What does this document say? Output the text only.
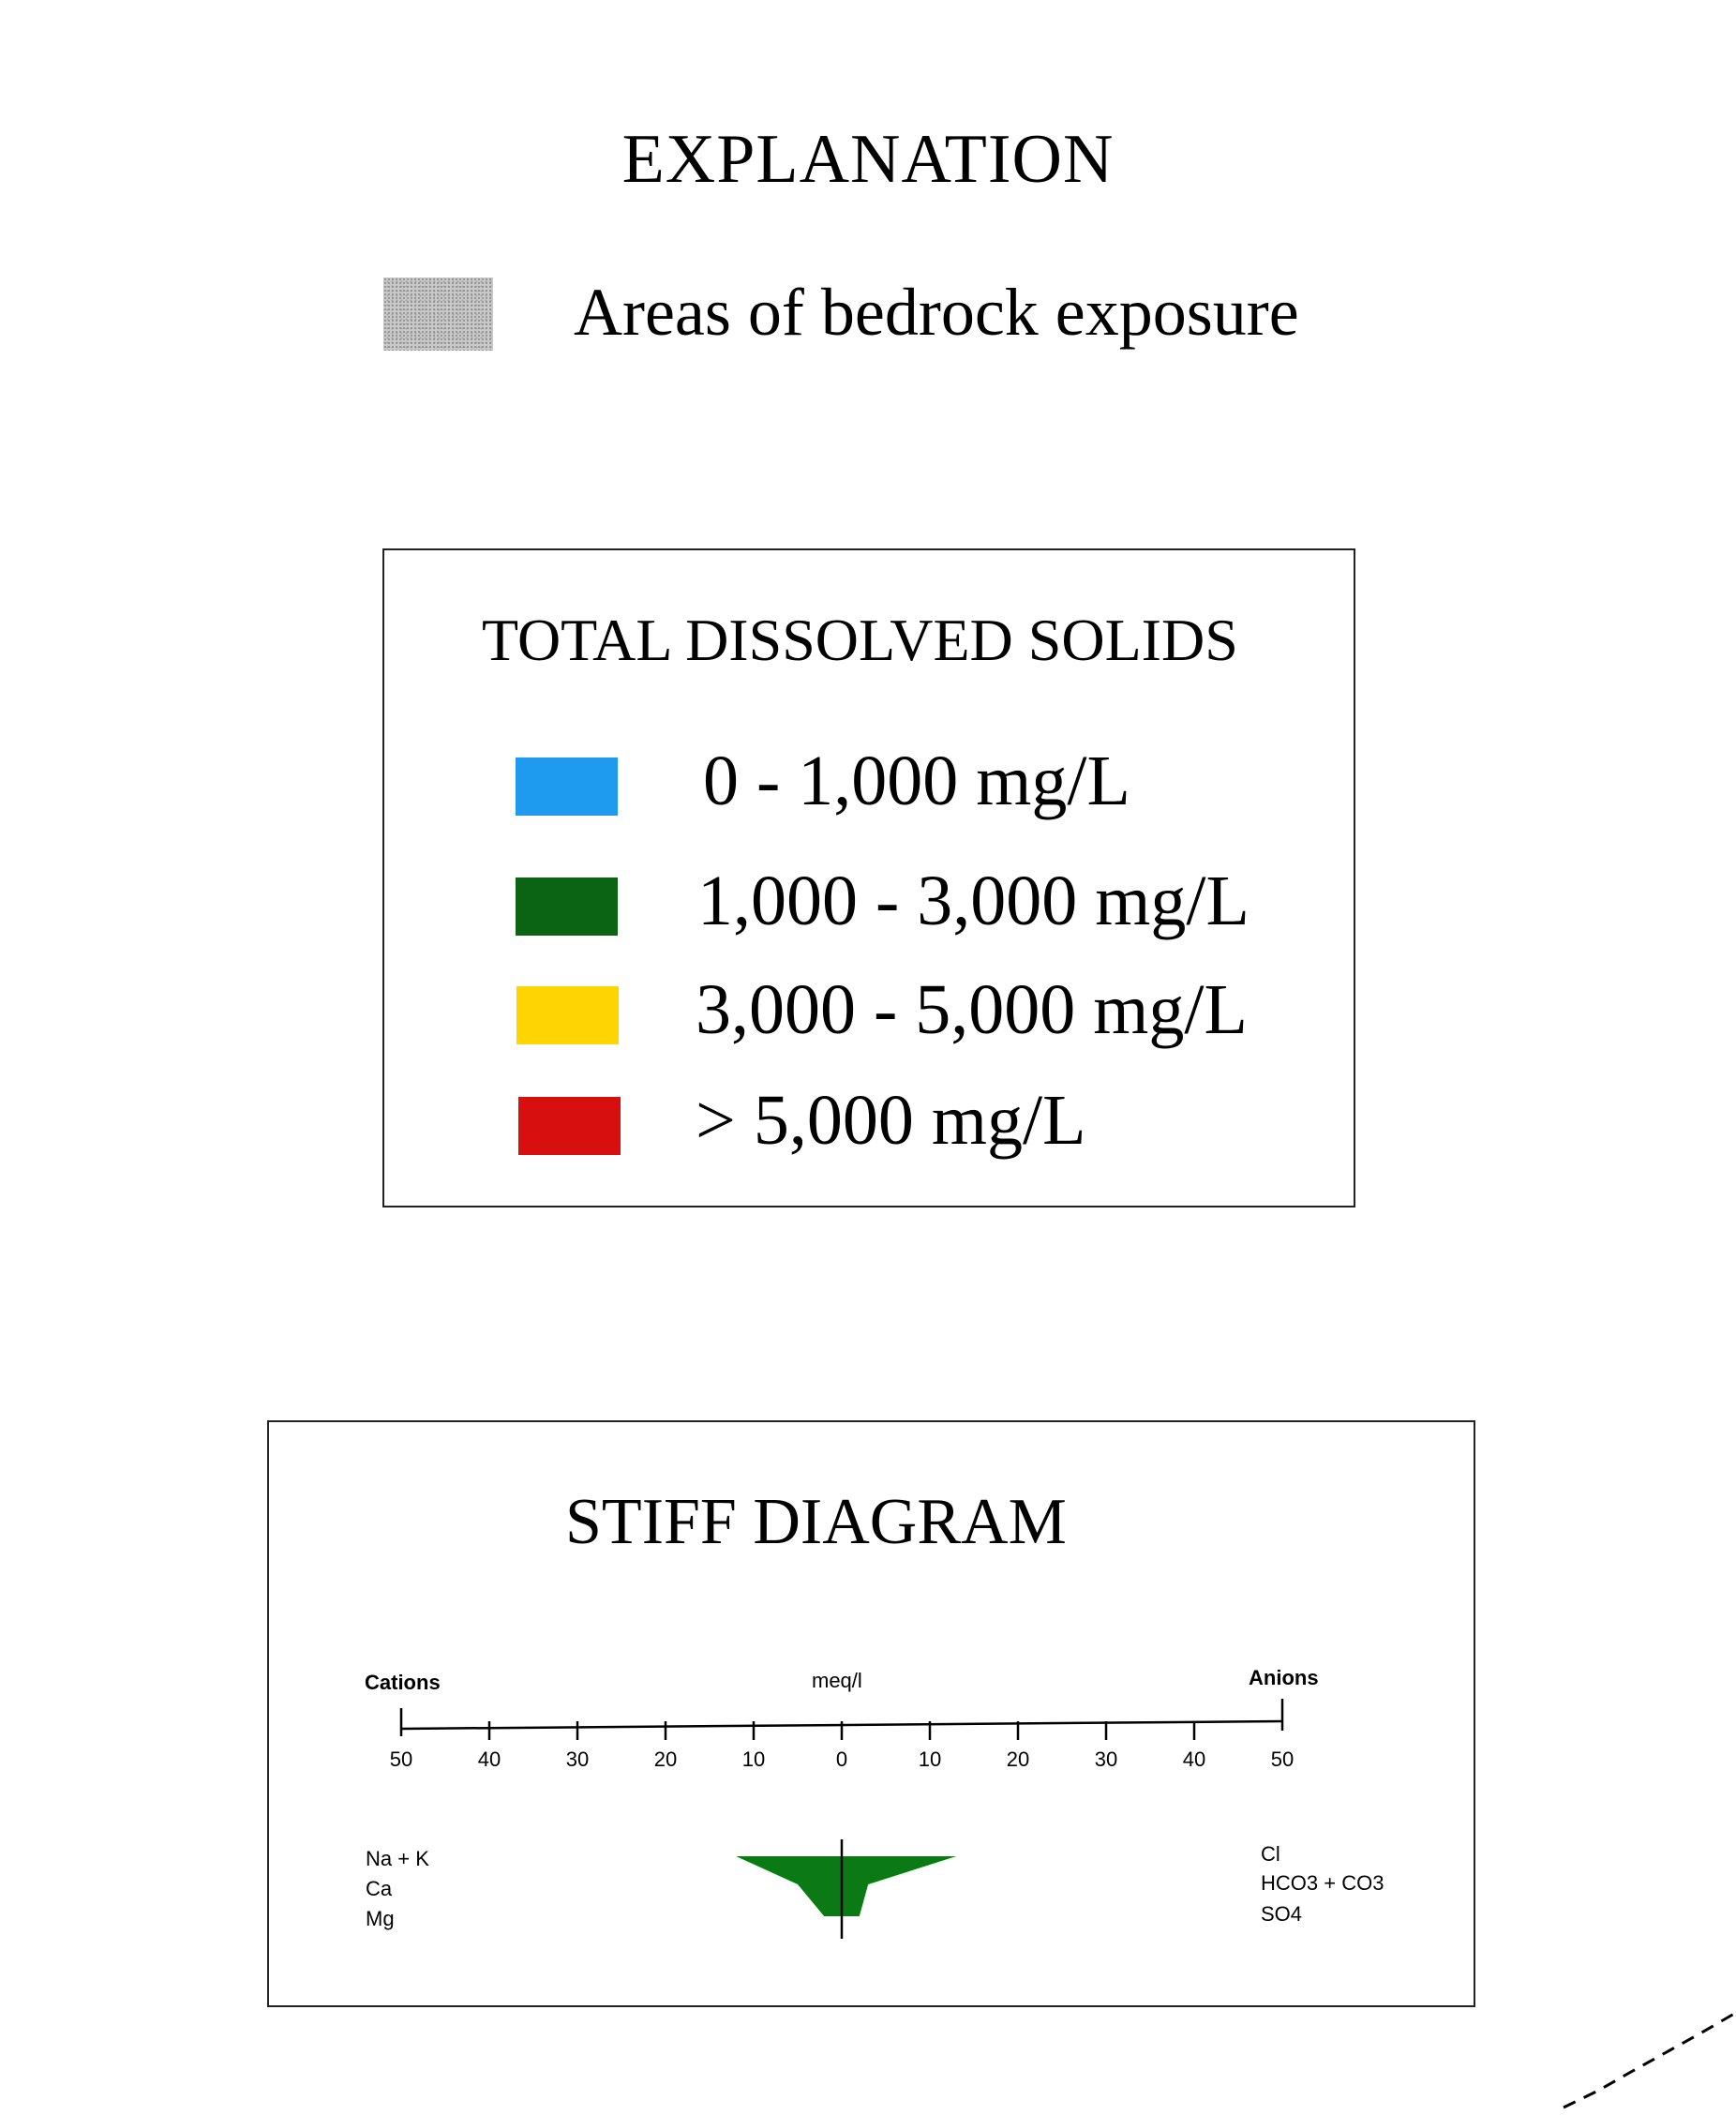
EXPLANATION
Areas of bedrock exposure
TOTAL DISSOLVED SOLIDS
0 - 1,000 mg/L
1,000 - 3,000 mg/L
3,000 - 5,000 mg/L
> 5,000 mg/L
STIFF DIAGRAM
Cations	meq/l	Anions
Na + K
Ca
Mg
Cl
HCO3 + CO3
SO4
50	40	30	20	10	0	10	20	30	40	50
